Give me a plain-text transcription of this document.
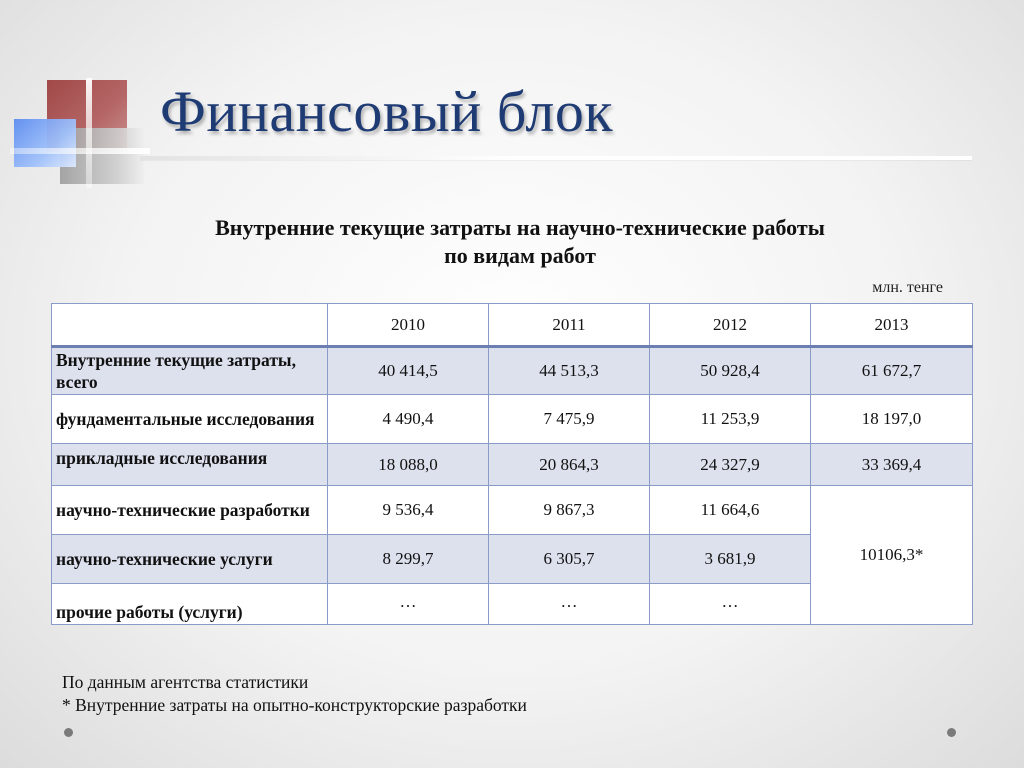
Финансовый блок

Внутренние текущие затраты на научно-технические работы
по видам работ

млн. тенге
	2010	2011	2012	2013
Внутренние текущие затраты, всего	40 414,5	44 513,3	50 928,4	61 672,7
фундаментальные исследования	4 490,4	7 475,9	11 253,9	18 197,0
прикладные исследования	18 088,0	20 864,3	24 327,9	33 369,4
научно-технические разработки	9 536,4	9 867,3	11 664,6	10106,3*
научно-технические услуги	8 299,7	6 305,7	3 681,9	
прочие работы (услуги)	…	…	…	
По данным агентства статистики
* Внутренние затраты на опытно-конструкторские разработки
